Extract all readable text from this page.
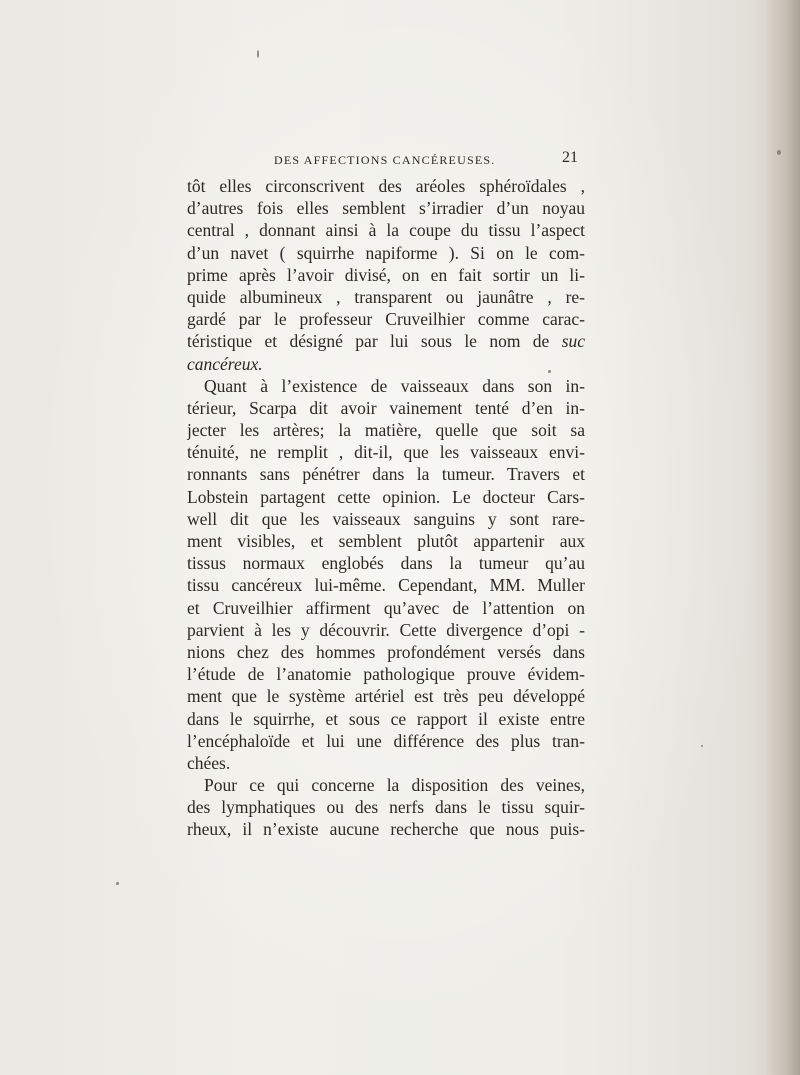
DES AFFECTIONS CANCÉREUSES.	21
tôt elles circonscrivent des aréoles sphéroïdales ,
d’autres fois elles semblent s’irradier d’un noyau
central , donnant ainsi à la coupe du tissu l’aspect
d’un navet ( squirrhe napiforme ). Si on le com-
prime après l’avoir divisé, on en fait sortir un li-
quide albumineux , transparent ou jaunâtre , re-
gardé par le professeur Cruveilhier comme carac-
téristique et désigné par lui sous le nom de suc
cancéreux.
Quant à l’existence de vaisseaux dans son in-
térieur, Scarpa dit avoir vainement tenté d’en in-
jecter les artères; la matière, quelle que soit sa
ténuité, ne remplit , dit-il, que les vaisseaux envi-
ronnants sans pénétrer dans la tumeur. Travers et
Lobstein partagent cette opinion. Le docteur Cars-
well dit que les vaisseaux sanguins y sont rare-
ment visibles, et semblent plutôt appartenir aux
tissus normaux englobés dans la tumeur qu’au
tissu cancéreux lui-même. Cependant, MM. Muller
et Cruveilhier affirment qu’avec de l’attention on
parvient à les y découvrir. Cette divergence d’opi -
nions chez des hommes profondément versés dans
l’étude de l’anatomie pathologique prouve évidem-
ment que le système artériel est très peu développé
dans le squirrhe, et sous ce rapport il existe entre
l’encéphaloïde et lui une différence des plus tran-
chées.
Pour ce qui concerne la disposition des veines,
des lymphatiques ou des nerfs dans le tissu squir-
rheux, il n’existe aucune recherche que nous puis-
